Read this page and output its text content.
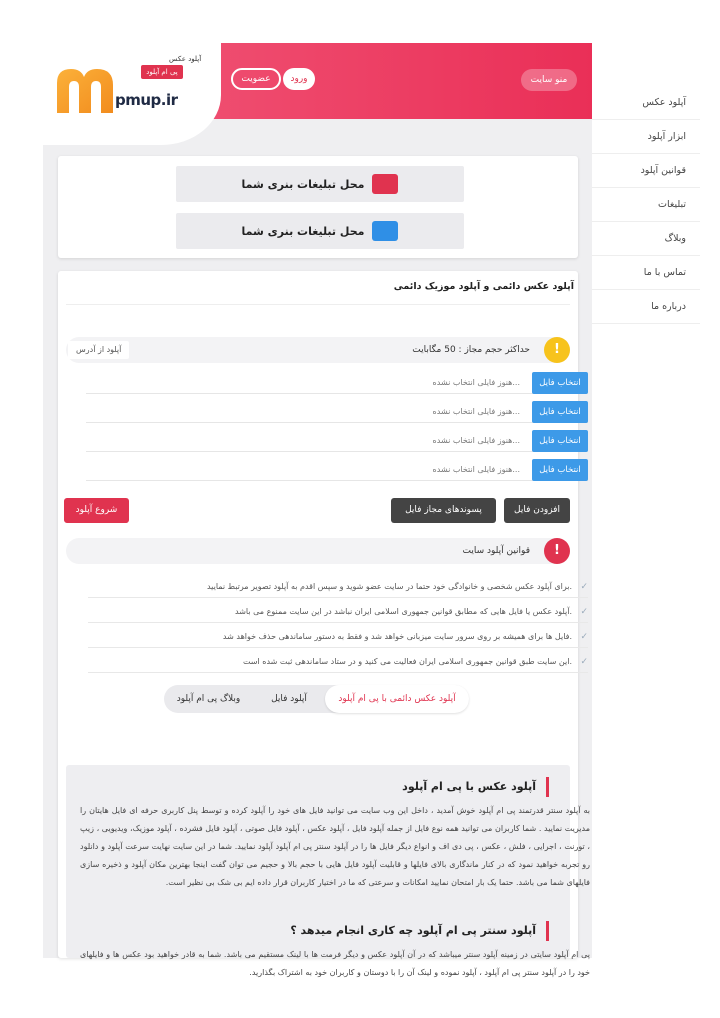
آپلود عکس
ابزار آپلود
قوانین آپلود
تبلیغات
وبلاگ
تماس با ما
درباره ما
عضویت	ورود	منو سایت
pmup.ir
آپلود عکس
پی ام آپلود
محل تبلیغات بنری شما
محل تبلیغات بنری شما
آپلود عکس دائمی و آپلود موزیک دائمی
!
حداکثر حجم مجاز : 50 مگابایت
آپلود از آدرس
انتخاب فایل
هنوز فایلی انتخاب نشده...
انتخاب فایل
هنوز فایلی انتخاب نشده...
انتخاب فایل
هنوز فایلی انتخاب نشده...
انتخاب فایل
هنوز فایلی انتخاب نشده...
افزودن فایل
پسوندهای مجاز فایل
شروع آپلود
!
قوانین آپلود سایت
✓
برای آپلود عکس شخصی و خانوادگی خود حتما در سایت عضو شوید و سپس اقدم به آپلود تصویر مرتبط نمایید.
✓
آپلود عکس یا فایل هایی که مطابق قوانین جمهوری اسلامی ایران نباشد در این سایت ممنوع می باشد.
✓
فایل ها برای همیشه بر روی سرور سایت میزبانی خواهد شد و فقط به دستور ساماندهی حذف خواهد شد.
✓
این سایت طبق قوانین جمهوری اسلامی ایران فعالیت می کنید و در ستاد ساماندهی ثبت شده است.
آپلود عکس دائمی با پی ام آپلود
آپلود فایل
وبلاگ پی ام آپلود
آپلود عکس با پی ام آپلود
به آپلود سنتر قدرتمند پی ام آپلود خوش آمدید ، داخل این وب سایت می توانید فایل های خود را آپلود کرده و توسط پنل کاربری حرفه ای فایل هایتان را مدیریت نمایید . شما کاربران می توانید همه نوع فایل از جمله آپلود فایل ، آپلود عکس ، آپلود فایل صوتی ، آپلود فایل فشرده ، آپلود موزیک، ویدیویی ، زیپ ، تورنت ، اجرایی ، فلش ، عکس ، پی دی اف و انواع دیگر فایل ها را در آپلود سنتر پی ام آپلود آپلود نمایید. شما در این سایت نهایت سرعت آپلود و دانلود رو تجربه خواهید نمود که در کنار ماندگاری بالای فایلها و قابلیت آپلود فایل هایی با حجم بالا و حجیم می توان گفت اینجا بهترین مکان آپلود و ذخیره سازی فایلهای شما می باشد. حتما یک بار امتحان نمایید امکانات و سرعتی که ما در اختیار کاربران قرار داده ایم بی شک بی نظیر است.
آپلود سنتر پی ام آپلود چه کاری انجام میدهد ؟
پی ام آپلود سایتی در زمینه آپلود سنتر میباشد که در آن آپلود عکس و دیگر فرمت ها با لینک مستقیم می باشد. شما به قادر خواهید بود عکس ها و فایلهای خود را در آپلود سنتر پی ام آپلود ، آپلود نموده و لینک آن را با دوستان و کاربران خود به اشتراک بگذارید.
